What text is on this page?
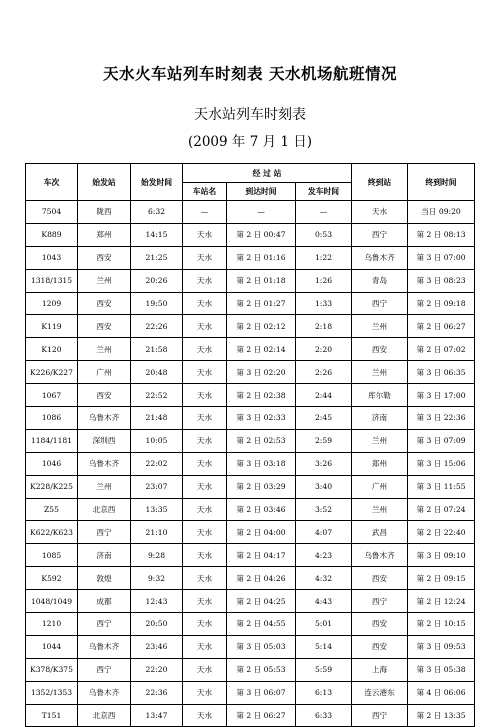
天水火车站列车时刻表 天水机场航班情况
天水站列车时刻表
(2009 年 7 月 1 日)
车次	始发站	始发时间	经 过 站			终到站	终到时间
			车站名	到达时间	发车时间		
7504	陇西	6:32	—	—	—	天水	当日 09:20
K889	郑州	14:15	天水	第 2 日 00:47	0:53	西宁	第 2 日 08:13
1043	西安	21:25	天水	第 2 日 01:16	1:22	乌鲁木齐	第 3 日 07:00
1318/1315	兰州	20:26	天水	第 2 日 01:18	1:26	青岛	第 3 日 08:23
1209	西安	19:50	天水	第 2 日 01:27	1:33	西宁	第 2 日 09:18
K119	西安	22:26	天水	第 2 日 02:12	2:18	兰州	第 2 日 06:27
K120	兰州	21:58	天水	第 2 日 02:14	2:20	西安	第 2 日 07:02
K226/K227	广州	20:48	天水	第 3 日 02:20	2:26	兰州	第 3 日 06:35
1067	西安	22:52	天水	第 2 日 02:38	2:44	库尔勒	第 3 日 17:00
1086	乌鲁木齐	21:48	天水	第 3 日 02:33	2:45	济南	第 3 日 22:36
1184/1181	深圳西	10:05	天水	第 2 日 02:53	2:59	兰州	第 3 日 07:09
1046	乌鲁木齐	22:02	天水	第 3 日 03:18	3:26	郑州	第 3 日 15:06
K228/K225	兰州	23:07	天水	第 2 日 03:29	3:40	广州	第 3 日 11:55
Z55	北京西	13:35	天水	第 2 日 03:46	3:52	兰州	第 2 日 07:24
K622/K623	西宁	21:10	天水	第 2 日 04:00	4:07	武昌	第 2 日 22:40
1085	济南	9:28	天水	第 2 日 04:17	4:23	乌鲁木齐	第 3 日 09:10
K592	敦煌	9:32	天水	第 2 日 04:26	4:32	西安	第 2 日 09:15
1048/1049	成都	12:43	天水	第 2 日 04:25	4:43	西宁	第 2 日 12:24
1210	西宁	20:50	天水	第 2 日 04:55	5:01	西安	第 2 日 10:15
1044	乌鲁木齐	23:46	天水	第 3 日 05:03	5:14	西安	第 3 日 09:53
K378/K375	西宁	22:20	天水	第 2 日 05:53	5:59	上海	第 3 日 05:38
1352/1353	乌鲁木齐	22:36	天水	第 3 日 06:07	6:13	连云港东	第 4 日 06:06
T151	北京西	13:47	天水	第 2 日 06:27	6:33	西宁	第 2 日 13:35
